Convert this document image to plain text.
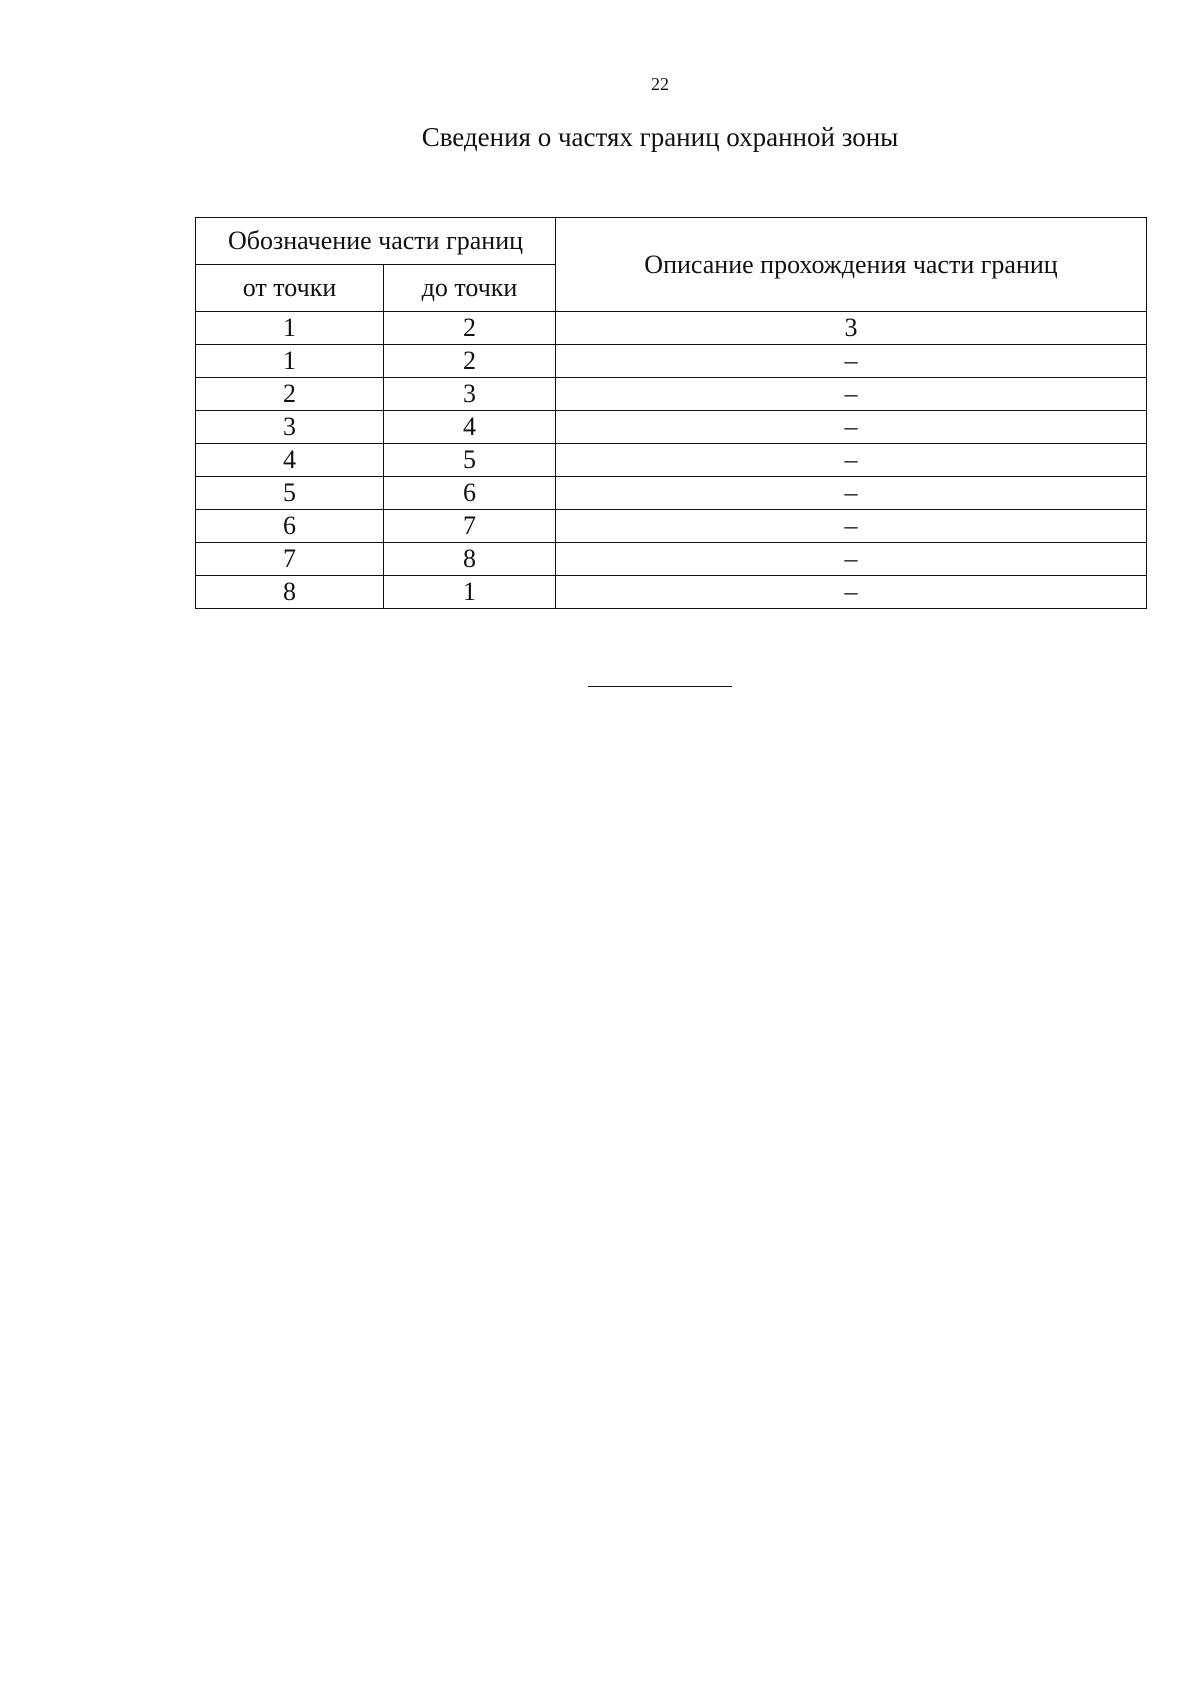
22
Сведения о частях границ охранной зоны
Обозначение части границ		Описание прохождения части границ
от точки	до точки	
1	2	3
1	2	–
2	3	–
3	4	–
4	5	–
5	6	–
6	7	–
7	8	–
8	1	–
